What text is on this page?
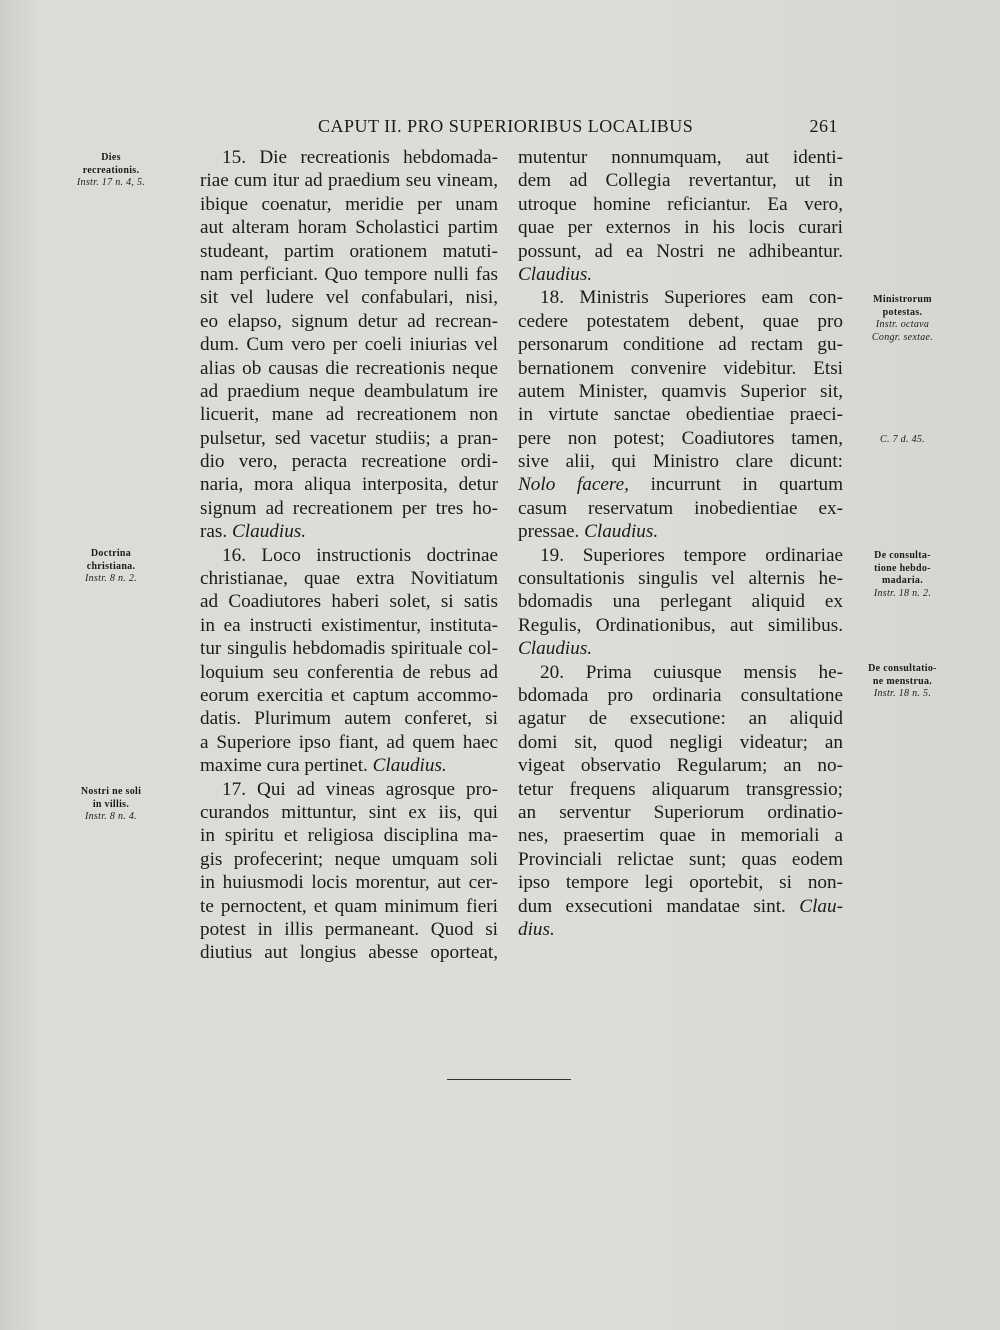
CAPUT II. PRO SUPERIORIBUS LOCALIBUS	261
Dies
recreationis.
Instr. 17 n. 4, 5.
Doctrina
christiana.
Instr. 8 n. 2.
Nostri ne soli
in villis.
Instr. 8 n. 4.
Ministrorum
potestas.
Instr. octava
Congr. sextae.
C. 7 d. 45.
De consulta-
tione hebdo-
madaria.
Instr. 18 n. 2.
De consultatio-
ne menstrua.
Instr. 18 n. 5.
15. Die recreationis hebdomada-
riae cum itur ad praedium seu vineam,
ibique coenatur, meridie per unam
aut alteram horam Scholastici partim
studeant, partim orationem matuti-
nam perficiant. Quo tempore nulli fas
sit vel ludere vel confabulari, nisi,
eo elapso, signum detur ad recrean-
dum. Cum vero per coeli iniurias vel
alias ob causas die recreationis neque
ad praedium neque deambulatum ire
licuerit, mane ad recreationem non
pulsetur, sed vacetur studiis; a pran-
dio vero, peracta recreatione ordi-
naria, mora aliqua interposita, detur
signum ad recreationem per tres ho-
ras. Claudius.
16. Loco instructionis doctrinae
christianae, quae extra Novitiatum
ad Coadiutores haberi solet, si satis
in ea instructi existimentur, instituta-
tur singulis hebdomadis spirituale col-
loquium seu conferentia de rebus ad
eorum exercitia et captum accommo-
datis. Plurimum autem conferet, si
a Superiore ipso fiant, ad quem haec
maxime cura pertinet. Claudius.
17. Qui ad vineas agrosque pro-
curandos mittuntur, sint ex iis, qui
in spiritu et religiosa disciplina ma-
gis profecerint; neque umquam soli
in huiusmodi locis morentur, aut cer-
te pernoctent, et quam minimum fieri
potest in illis permaneant. Quod si
diutius aut longius abesse oporteat,
mutentur nonnumquam, aut identi-
dem ad Collegia revertantur, ut in
utroque homine reficiantur. Ea vero,
quae per externos in his locis curari
possunt, ad ea Nostri ne adhibeantur.
Claudius.
18. Ministris Superiores eam con-
cedere potestatem debent, quae pro
personarum conditione ad rectam gu-
bernationem convenire videbitur. Etsi
autem Minister, quamvis Superior sit,
in virtute sanctae obedientiae praeci-
pere non potest; Coadiutores tamen,
sive alii, qui Ministro clare dicunt:
Nolo facere, incurrunt in quartum
casum reservatum inobedientiae ex-
pressae. Claudius.
19. Superiores tempore ordinariae
consultationis singulis vel alternis he-
bdomadis una perlegant aliquid ex
Regulis, Ordinationibus, aut similibus.
Claudius.
20. Prima cuiusque mensis he-
bdomada pro ordinaria consultatione
agatur de exsecutione: an aliquid
domi sit, quod negligi videatur; an
vigeat observatio Regularum; an no-
tetur frequens aliquarum transgressio;
an serventur Superiorum ordinatio-
nes, praesertim quae in memoriali a
Provinciali relictae sunt; quas eodem
ipso tempore legi oportebit, si non-
dum exsecutioni mandatae sint. Clau-
dius.
